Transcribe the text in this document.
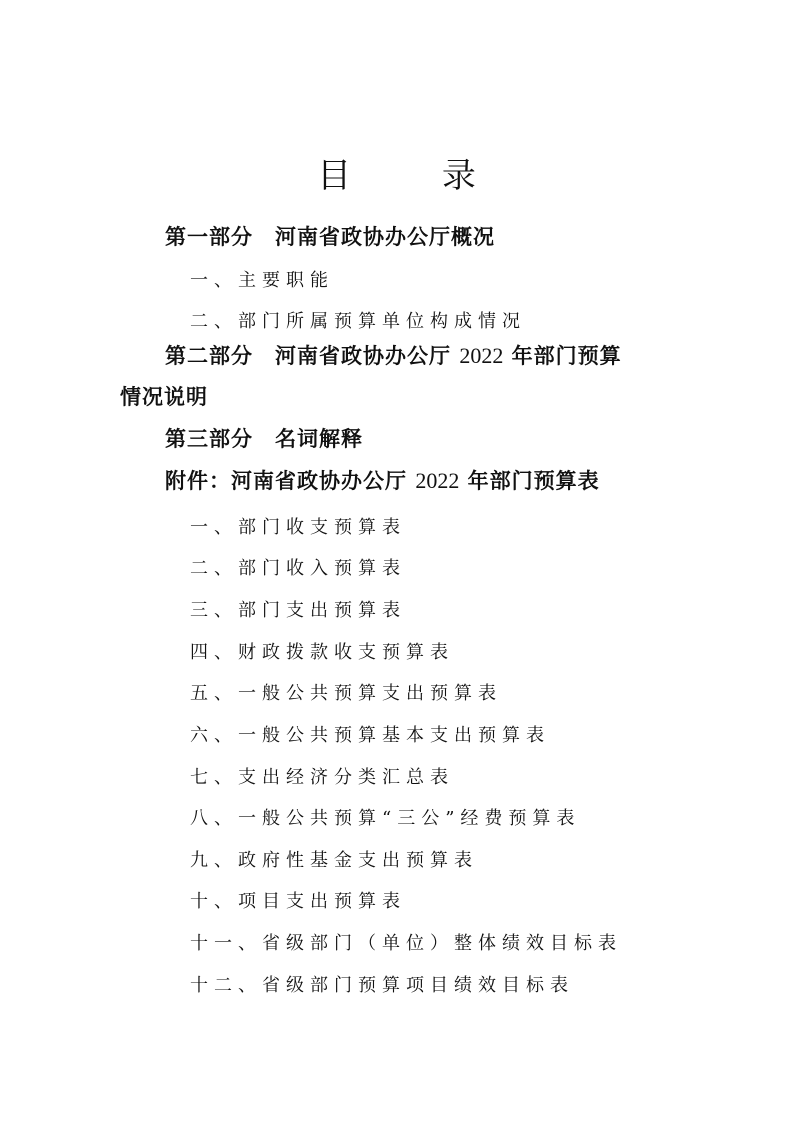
目 录
第一部分　河南省政协办公厅概况
一、主要职能
二、部门所属预算单位构成情况
第二部分　河南省政协办公厅 2022 年部门预算
情况说明
第三部分　名词解释
附件：河南省政协办公厅 2022 年部门预算表
一、部门收支预算表
二、部门收入预算表
三、部门支出预算表
四、财政拨款收支预算表
五、一般公共预算支出预算表
六、一般公共预算基本支出预算表
七、支出经济分类汇总表
八、一般公共预算“三公”经费预算表
九、政府性基金支出预算表
十、项目支出预算表
十一、省级部门（单位）整体绩效目标表
十二、省级部门预算项目绩效目标表
